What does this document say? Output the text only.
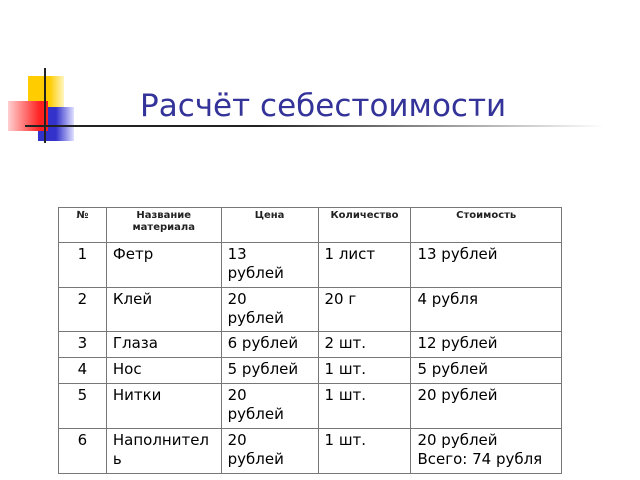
Расчёт себестоимости
№	Название материала	Цена	Количество	Стоимость

1	Фетр	13 рублей	1 лист	13 рублей

2	Клей	20 рублей	20 г	4 рубля

3	Глаза	6 рублей	2 шт.	12 рублей

4	Нос	5 рублей	1 шт.	5 рублей

5	Нитки	20 рублей	1 шт.	20 рублей

6	Наполнитель	20 рублей	1 шт.	20 рублей
Всего: 74 рубля
